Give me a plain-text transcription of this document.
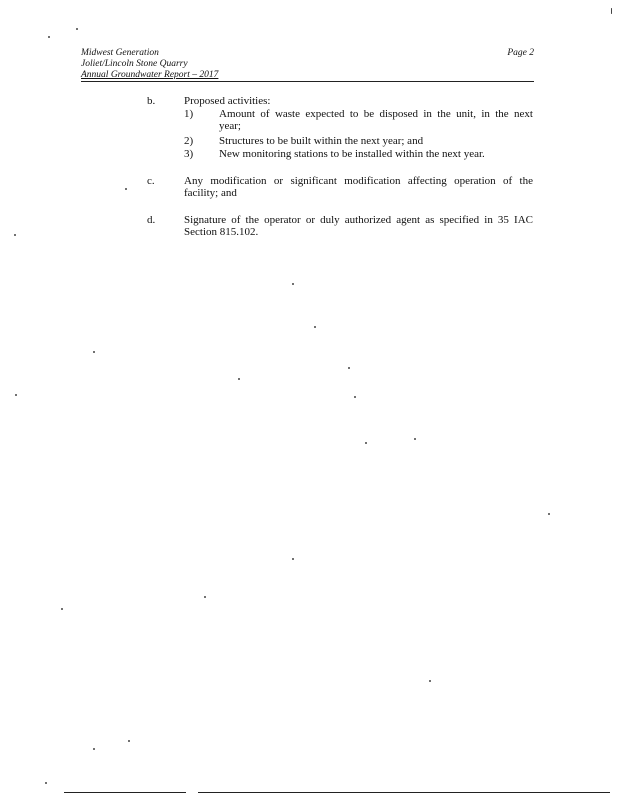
Midwest Generation
Joliet/Lincoln Stone Quarry
Annual Groundwater Report – 2017
Page 2
b.	Proposed activities:
1) Amount of waste expected to be disposed in the unit, in the next
year;
2) Structures to be built within the next year; and
3) New monitoring stations to be installed within the next year.
c.	Any modification or significant modification affecting operation of the
facility; and
d.	Signature of the operator or duly authorized agent as specified in 35 IAC
Section 815.102.
